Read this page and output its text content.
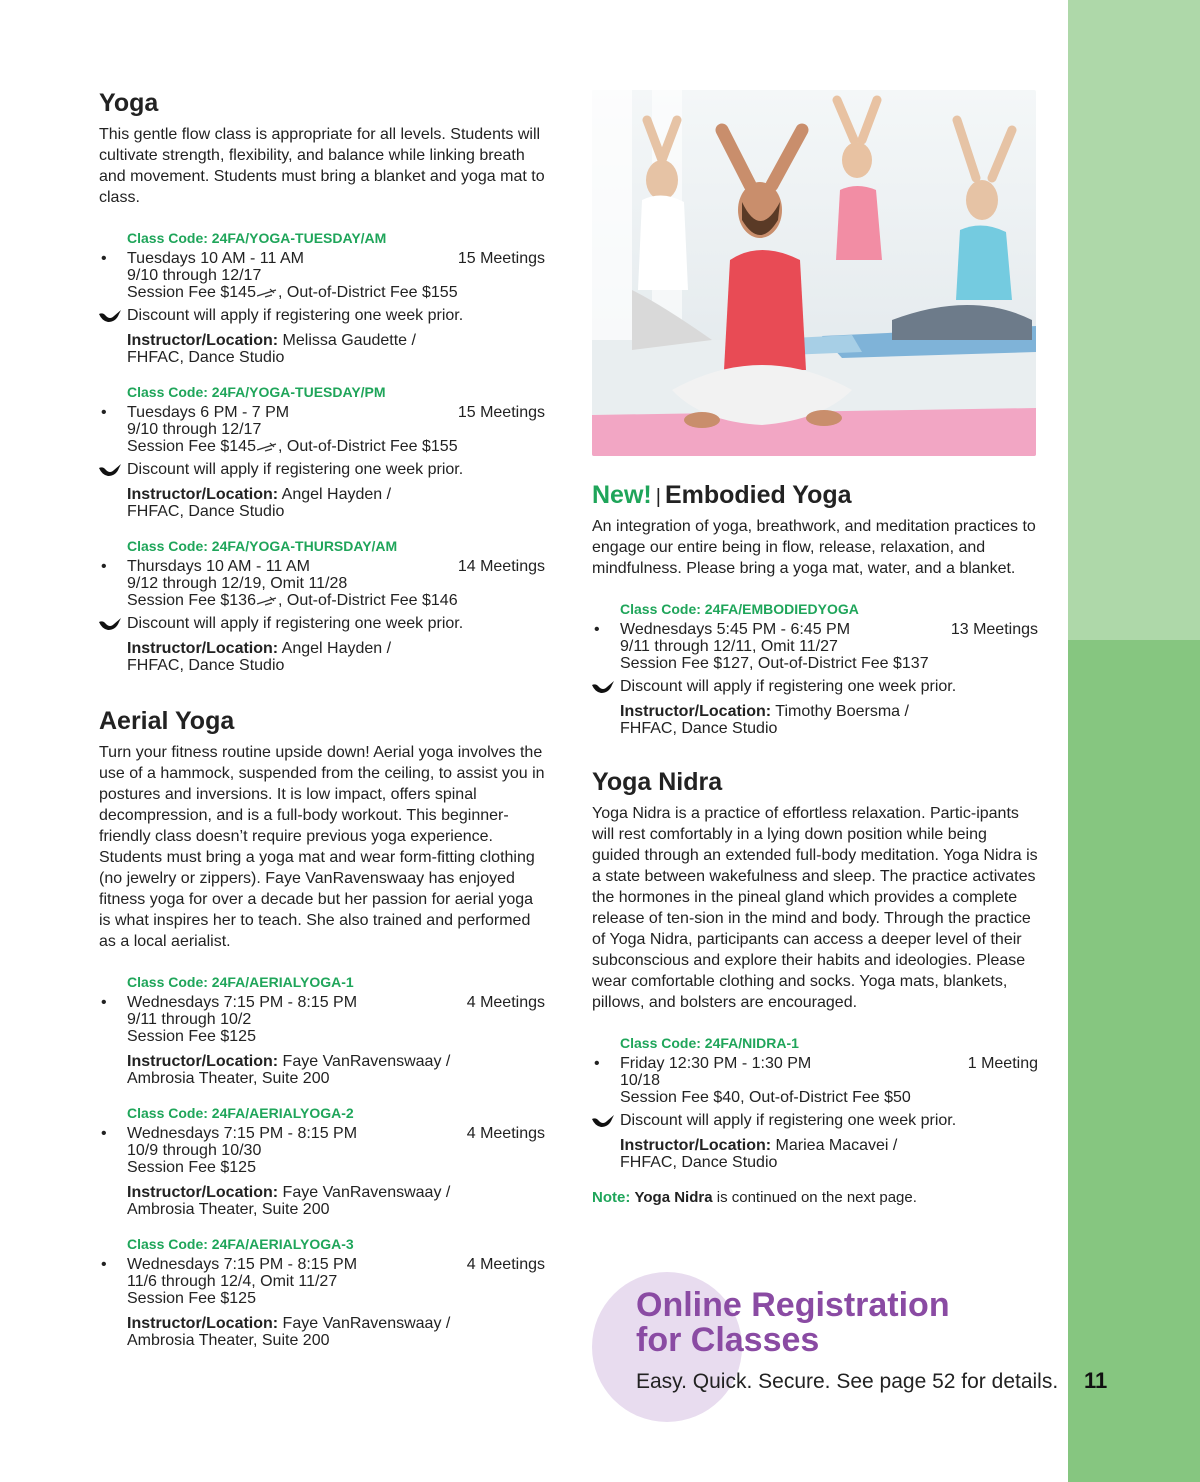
11
Yoga

This gentle flow class is appropriate for all levels. Students will cultivate strength, flexibility, and balance while linking breath and movement. Students must bring a blanket and yoga mat to class.

Class Code: 24FA/YOGA-TUESDAY/AM
• Tuesdays 10 AM - 11 AM	15 Meetings
9/10 through 12/17
Session Fee $145 , Out-of-District Fee $155
Discount will apply if registering one week prior.
Instructor/Location: Melissa Gaudette /
FHFAC, Dance Studio
Class Code: 24FA/YOGA-TUESDAY/PM
• Tuesdays 6 PM - 7 PM	15 Meetings
9/10 through 12/17
Session Fee $145 , Out-of-District Fee $155
Discount will apply if registering one week prior.
Instructor/Location: Angel Hayden /
FHFAC, Dance Studio
Class Code: 24FA/YOGA-THURSDAY/AM
• Thursdays 10 AM - 11 AM	14 Meetings
9/12 through 12/19, Omit 11/28
Session Fee $136 , Out-of-District Fee $146
Discount will apply if registering one week prior.
Instructor/Location: Angel Hayden /
FHFAC, Dance Studio
Aerial Yoga

Turn your fitness routine upside down! Aerial yoga involves the use of a hammock, suspended from the ceiling, to assist you in postures and inversions. It is low impact, offers spinal decompression, and is a full-body workout. This beginner-friendly class doesn’t require previous yoga experience. Students must bring a yoga mat and wear form-fitting clothing (no jewelry or zippers). Faye VanRavenswaay has enjoyed fitness yoga for over a decade but her passion for aerial yoga is what inspires her to teach. She also trained and performed as a local aerialist.

Class Code: 24FA/AERIALYOGA-1
• Wednesdays 7:15 PM - 8:15 PM	4 Meetings
9/11 through 10/2
Session Fee $125
Instructor/Location: Faye VanRavenswaay /
Ambrosia Theater, Suite 200
Class Code: 24FA/AERIALYOGA-2
• Wednesdays 7:15 PM - 8:15 PM	4 Meetings
10/9 through 10/30
Session Fee $125
Instructor/Location: Faye VanRavenswaay /
Ambrosia Theater, Suite 200
Class Code: 24FA/AERIALYOGA-3
• Wednesdays 7:15 PM - 8:15 PM	4 Meetings
11/6 through 12/4, Omit 11/27
Session Fee $125
Instructor/Location: Faye VanRavenswaay /
Ambrosia Theater, Suite 200
New! | Embodied Yoga

An integration of yoga, breathwork, and meditation practices to engage our entire being in flow, release, relaxation, and mindfulness. Please bring a yoga mat, water, and a blanket.

Class Code: 24FA/EMBODIEDYOGA
• Wednesdays 5:45 PM - 6:45 PM	13 Meetings
9/11 through 12/11, Omit 11/27
Session Fee $127, Out-of-District Fee $137
Discount will apply if registering one week prior.
Instructor/Location: Timothy Boersma /
FHFAC, Dance Studio
Yoga Nidra

Yoga Nidra is a practice of effortless relaxation. Partic-ipants will rest comfortably in a lying down position while being guided through an extended full-body meditation. Yoga Nidra is a state between wakefulness and sleep. The practice activates the hormones in the pineal gland which provides a complete release of ten-sion in the mind and body. Through the practice of Yoga Nidra, participants can access a deeper level of their subconscious and explore their habits and ideologies. Please wear comfortable clothing and socks. Yoga mats, blankets, pillows, and bolsters are encouraged.

Class Code: 24FA/NIDRA-1
• Friday 12:30 PM - 1:30 PM	1 Meeting
10/18
Session Fee $40, Out-of-District Fee $50
Discount will apply if registering one week prior.
Instructor/Location: Mariea Macavei /
FHFAC, Dance Studio
Note: Yoga Nidra is continued on the next page.
Online Registration
for Classes
Easy. Quick. Secure. See page 52 for details.
